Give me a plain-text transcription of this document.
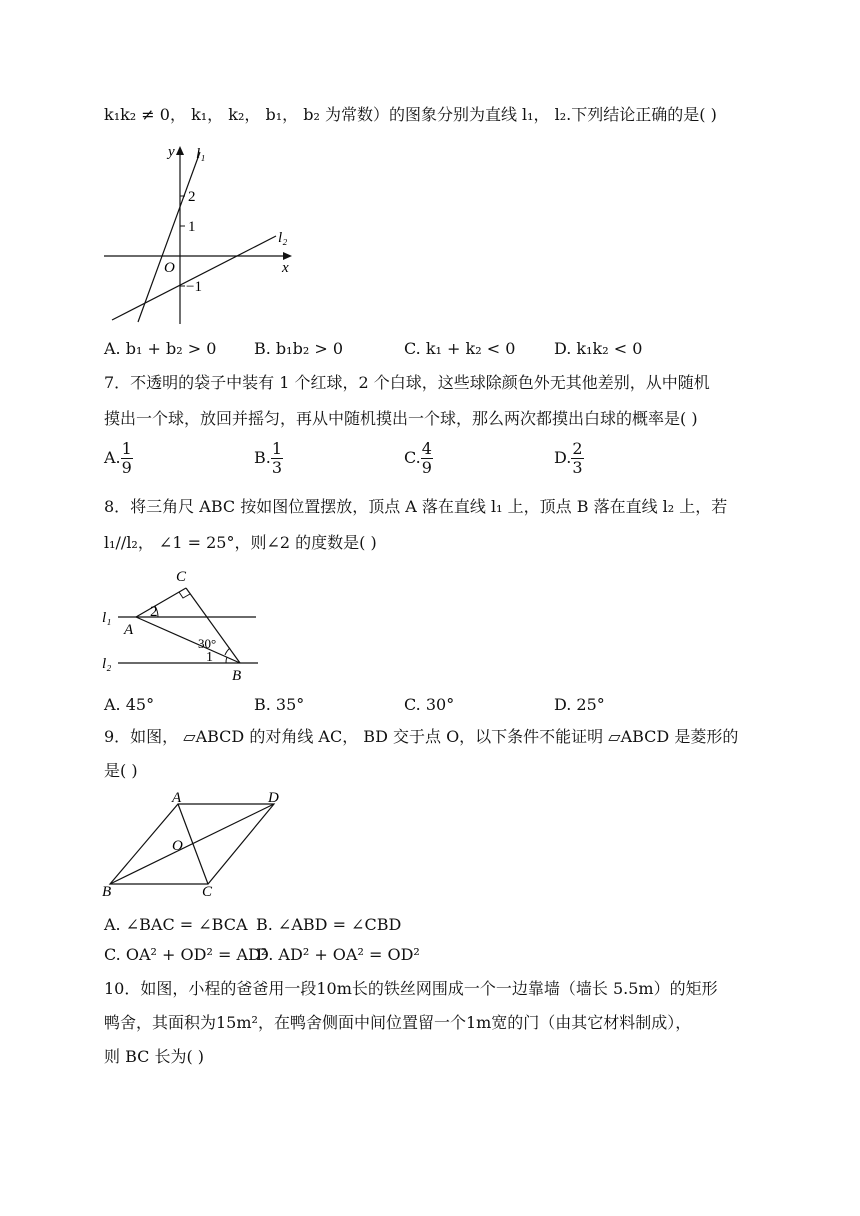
k₁k₂ ≠ 0， k₁， k₂， b₁， b₂ 为常数）的图象分别为直线 l₁， l₂.下列结论正确的是( )
y
x
O
2
1
−1
l₁
l₂
A. b₁ + b₂ > 0 B. b₁b₂ > 0	C. k₁ + k₂ < 0 D. k₁k₂ < 0
7．不透明的袋子中装有 1 个红球，2 个白球，这些球除颜色外无其他差别，从中随机
摸出一个球，放回并摇匀，再从中随机摸出一个球，那么两次都摸出白球的概率是( )
A. $\frac{1}{9}$	B. $\frac{1}{3}$	C. $\frac{4}{9}$	D. $\frac{2}{3}$
8．将三角尺 ABC 按如图位置摆放，顶点 A 落在直线 l₁ 上，顶点 B 落在直线 l₂ 上，若
l₁//l₂， ∠1 = 25°，则∠2 的度数是( )
C
A
B
l₁
l₂
2
1
30°
A. 45°	B. 35°	C. 30°	D. 25°
9．如图， ▱ABCD 的对角线 AC， BD 交于点 O，以下条件不能证明 ▱ABCD 是菱形的
是( )
A	D
B	C
O
A. ∠BAC = ∠BCA B. ∠ABD = ∠CBD
C. OA² + OD² = AD²
D. AD² + OA² = OD²
10．如图，小程的爸爸用一段10m长的铁丝网围成一个一边靠墙（墙长 5.5m）的矩形
鸭舍，其面积为15m²，在鸭舍侧面中间位置留一个1m宽的门（由其它材料制成），
则 BC 长为( )
